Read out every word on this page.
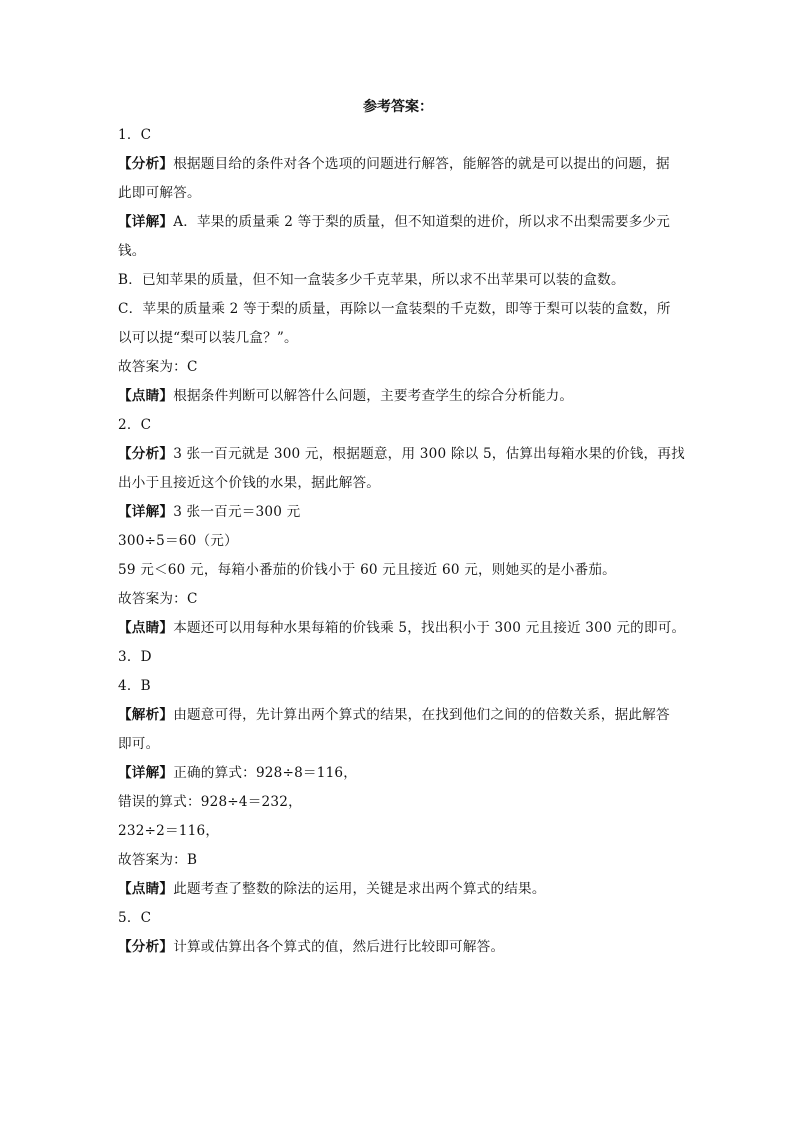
参考答案：
1．C
【分析】根据题目给的条件对各个选项的问题进行解答，能解答的就是可以提出的问题，据
此即可解答。
【详解】A．苹果的质量乘 2 等于梨的质量，但不知道梨的进价，所以求不出梨需要多少元
钱。
B．已知苹果的质量，但不知一盒装多少千克苹果，所以求不出苹果可以装的盒数。
C．苹果的质量乘 2 等于梨的质量，再除以一盒装梨的千克数，即等于梨可以装的盒数，所
以可以提“梨可以装几盒？”。
故答案为：C
【点睛】根据条件判断可以解答什么问题，主要考查学生的综合分析能力。
2．C
【分析】3 张一百元就是 300 元，根据题意，用 300 除以 5，估算出每箱水果的价钱，再找
出小于且接近这个价钱的水果，据此解答。
【详解】3 张一百元＝300 元
300÷5＝60（元）
59 元＜60 元，每箱小番茄的价钱小于 60 元且接近 60 元，则她买的是小番茄。
故答案为：C
【点睛】本题还可以用每种水果每箱的价钱乘 5，找出积小于 300 元且接近 300 元的即可。
3．D
4．B
【解析】由题意可得，先计算出两个算式的结果，在找到他们之间的的倍数关系，据此解答
即可。
【详解】正确的算式：928÷8＝116，
错误的算式：928÷4＝232，
232÷2＝116，
故答案为：B
【点睛】此题考查了整数的除法的运用，关键是求出两个算式的结果。
5．C
【分析】计算或估算出各个算式的值，然后进行比较即可解答。
